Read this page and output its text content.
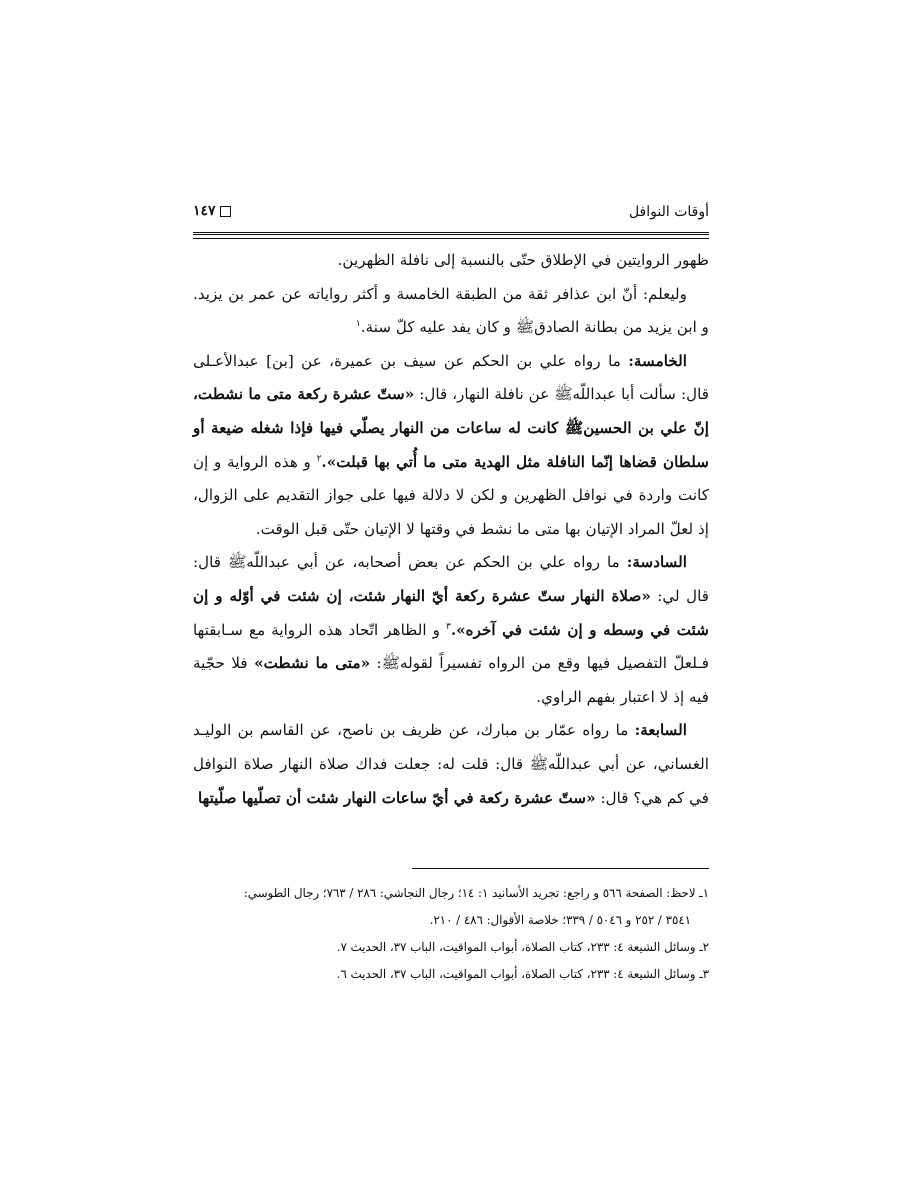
أوقات النوافل
١٤٧

ظهور الروايتين في الإطلاق حتّى بالنسبة إلى نافلة الظهرين.

وليعلم: أنّ ابن عذافر ثقة من الطبقة الخامسة و أكثر رواياته عن عمر بن يزيد. و ابن يزيد من بطانة الصادقﷺ و كان يفد عليه كلّ سنة.$^١$

الخامسة: ما رواه علي بن الحكم عن سيف بن عميرة، عن [بن] عبدالأعـلى قال: سألت أبا عبداللّهﷺ عن نافلة النهار، قال: «ستّ عشرة ركعة متى ما نشطت، إنّ علي بن الحسينﷺ كانت له ساعات من النهار يصلّي فيها فإذا شغله ضيعة أو سلطان قضاها إنّما النافلة مثل الهدية متى ما أُتي بها قبلت».$^٢$ و هذه الرواية و إن كانت واردة في نوافل الظهرين و لكن لا دلالة فيها على جواز التقديم على الزوال، إذ لعلّ المراد الإتيان بها متى ما نشط في وقتها لا الإتيان حتّى قبل الوقت.

السادسة: ما رواه علي بن الحكم عن بعض أصحابه، عن أبي عبداللّهﷺ قال: قال لي: «صلاة النهار ستّ عشرة ركعة أيّ النهار شئت، إن شئت في أوّله و إن شئت في وسطه و إن شئت في آخره».$^٣$ و الظاهر اتّحاد هذه الرواية مع سـابقتها فـلعلّ التفصيل فيها وقع من الرواه تفسيراً لقولهﷺ: «متى ما نشطت» فلا حجّية فيه إذ لا اعتبار بفهم الراوي.

السابعة: ما رواه عمّار بن مبارك، عن ظريف بن ناصح، عن القاسم بن الوليـد الغساني، عن أبي عبداللّهﷺ قال: قلت له: جعلت فداك صلاة النهار صلاة النوافل في كم هي؟ قال: «ستّ عشرة ركعة في أيّ ساعات النهار شئت أن تصلّيها صلّيتها

١ـ لاحظ: الصفحة ٥٦٦ و راجع: تجريد الأسانيد ١: ١٤؛ رجال النجاشي: ٢٨٦ / ٧٦٣؛ رجال الطوسي:

٣٥٤١ / ٢٥٢ و ٥٠٤٦ / ٣٣٩؛ خلاصة الأقوال: ٤٨٦ / ٢١٠.

٢ـ وسائل الشيعة ٤: ٢٣٣، كتاب الصلاة، أبواب المواقيت، الباب ٣٧، الحديث ٧.

٣ـ وسائل الشيعة ٤: ٢٣٣، كتاب الصلاة، أبواب المواقيت، الباب ٣٧، الحديث ٦.
